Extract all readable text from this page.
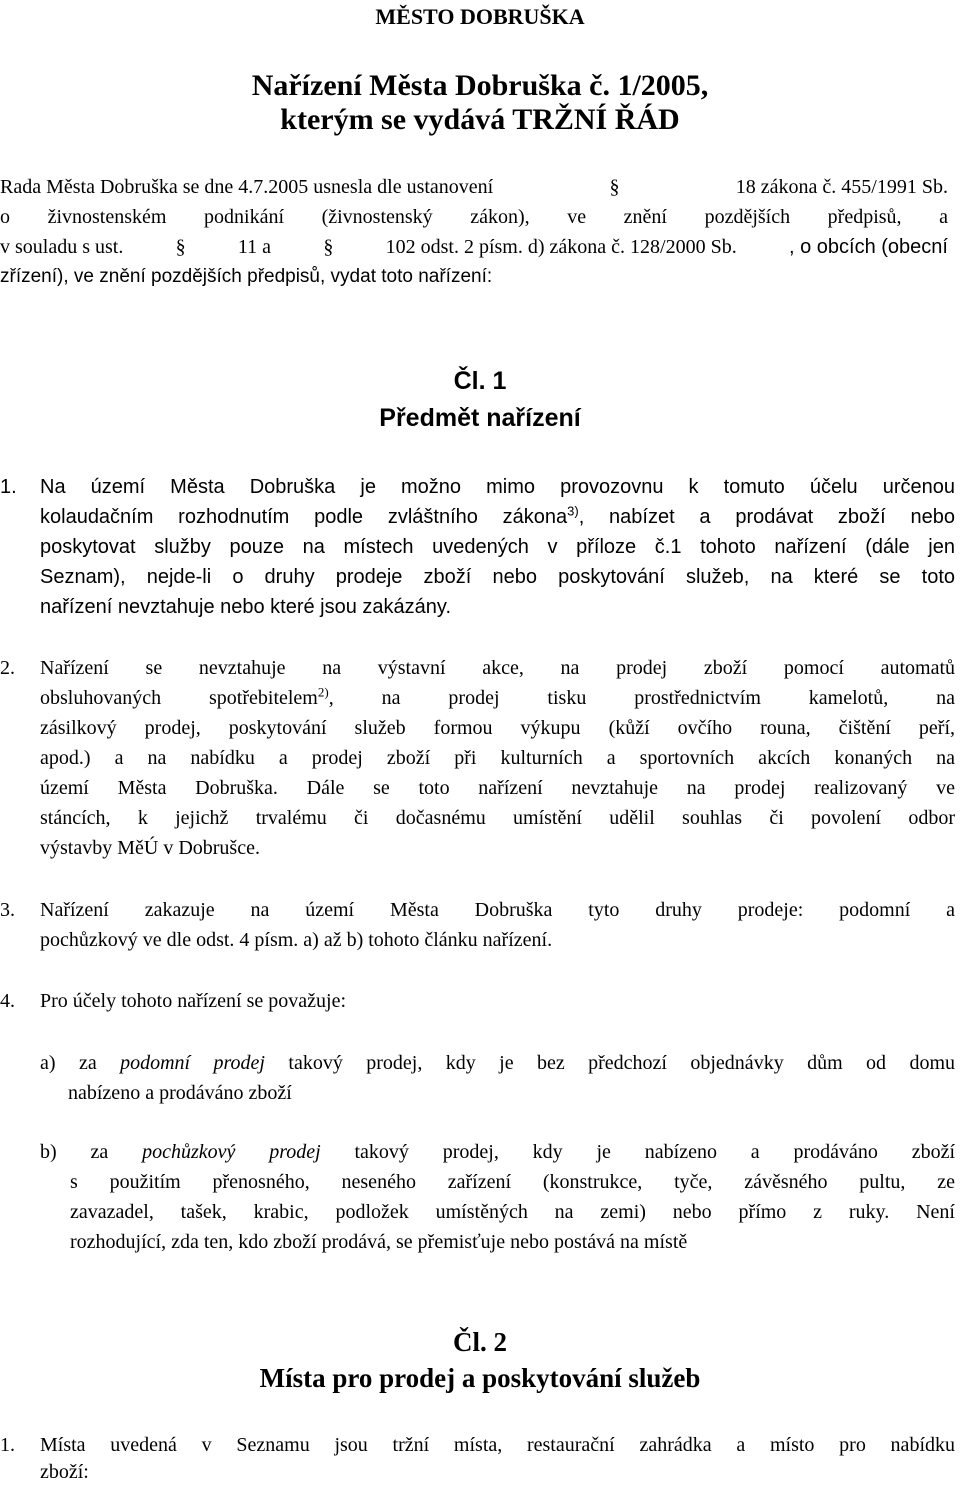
MĚSTO DOBRUŠKA
Nařízení Města Dobruška č. 1/2005,
kterým se vydává TRŽNÍ ŘÁD
Rada Města Dobruška se dne 4.7.2005 usnesla dle ustanovení	§	18 zákona č. 455/1991 Sb.
o živnostenském podnikání (živnostenský zákon), ve znění pozdějších předpisů, a
v souladu s ust.	§	11 a	§	102 odst. 2 písm. d) zákona č. 128/2000 Sb.	, o obcích (obecní
zřízení), ve znění pozdějších předpisů, vydat toto nařízení:
Čl. 1
Předmět nařízení
1. Na území Města Dobruška je možno mimo provozovnu k tomuto účelu určenou
kolaudačním rozhodnutím podle zvláštního zákona$^{3)}$, nabízet a prodávat zboží nebo
poskytovat služby pouze na místech uvedených v příloze č.1 tohoto nařízení (dále jen
Seznam), nejde-li o druhy prodeje zboží nebo poskytování služeb, na které se toto
nařízení nevztahuje nebo které jsou zakázány.
2. Nařízení se nevztahuje na výstavní akce, na prodej zboží pomocí automatů
obsluhovaných spotřebitelem$^{2)}$, na prodej tisku prostřednictvím kamelotů, na
zásilkový prodej, poskytování služeb formou výkupu (kůží ovčího rouna, čištění peří,
apod.) a na nabídku a prodej zboží při kulturních a sportovních akcích konaných na
území Města Dobruška. Dále se toto nařízení nevztahuje na prodej realizovaný ve
stáncích, k jejichž trvalému či dočasnému umístění udělil souhlas či povolení odbor
výstavby MěÚ v Dobrušce.
3. Nařízení zakazuje na území Města Dobruška tyto druhy prodeje: podomní a
pochůzkový ve dle odst. 4 písm. a) až b) tohoto článku nařízení.
4. Pro účely tohoto nařízení se považuje:
a) za podomní prodej takový prodej, kdy je bez předchozí objednávky dům od domu
nabízeno a prodáváno zboží
b) za pochůzkový prodej takový prodej, kdy je nabízeno a prodáváno zboží
s použitím přenosného, neseného zařízení (konstrukce, tyče, závěsného pultu, ze
zavazadel, tašek, krabic, podložek umístěných na zemi) nebo přímo z ruky. Není
rozhodující, zda ten, kdo zboží prodává, se přemisťuje nebo postává na místě
Čl. 2
Místa pro prodej a poskytování služeb
1. Místa uvedená v Seznamu jsou tržní místa, restaurační zahrádka a místo pro nabídku
zboží:
